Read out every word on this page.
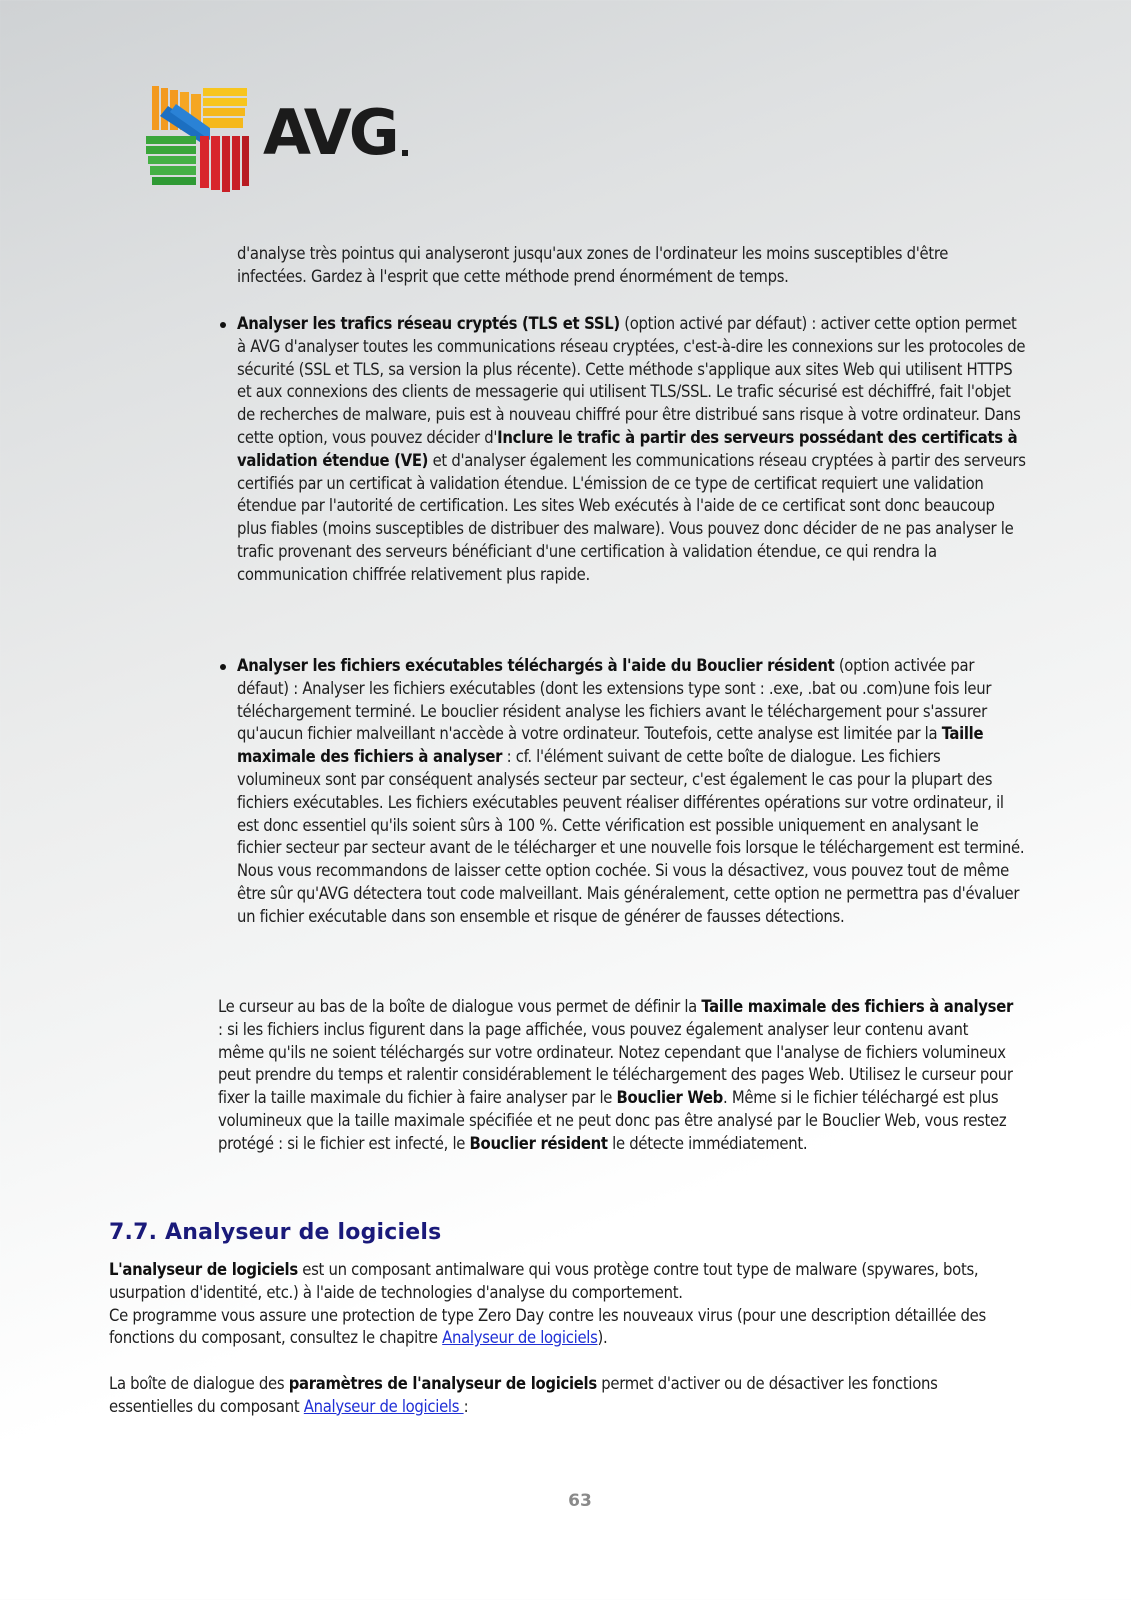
AVG

d'analyse très pointus qui analyseront jusqu'aux zones de l'ordinateur les moins susceptibles d'être infectées. Gardez à l'esprit que cette méthode prend énormément de temps.

Analyser les trafics réseau cryptés (TLS et SSL) (option activé par défaut) : activer cette option permet à AVG d'analyser toutes les communications réseau cryptées, c'est-à-dire les connexions sur les protocoles de sécurité (SSL et TLS, sa version la plus récente). Cette méthode s'applique aux sites Web qui utilisent HTTPS et aux connexions des clients de messagerie qui utilisent TLS/SSL. Le trafic sécurisé est déchiffré, fait l'objet de recherches de malware, puis est à nouveau chiffré pour être distribué sans risque à votre ordinateur. Dans cette option, vous pouvez décider d'Inclure le trafic à partir des serveurs possédant des certificats à validation étendue (VE) et d'analyser également les communications réseau cryptées à partir des serveurs certifiés par un certificat à validation étendue. L'émission de ce type de certificat requiert une validation étendue par l'autorité de certification. Les sites Web exécutés à l'aide de ce certificat sont donc beaucoup plus fiables (moins susceptibles de distribuer des malware). Vous pouvez donc décider de ne pas analyser le trafic provenant des serveurs bénéficiant d'une certification à validation étendue, ce qui rendra la communication chiffrée relativement plus rapide.
Analyser les fichiers exécutables téléchargés à l'aide du Bouclier résident (option activée par défaut) : Analyser les fichiers exécutables (dont les extensions type sont : .exe, .bat ou .com)une fois leur téléchargement terminé. Le bouclier résident analyse les fichiers avant le téléchargement pour s'assurer qu'aucun fichier malveillant n'accède à votre ordinateur. Toutefois, cette analyse est limitée par la Taille maximale des fichiers à analyser : cf. l'élément suivant de cette boîte de dialogue. Les fichiers volumineux sont par conséquent analysés secteur par secteur, c'est également le cas pour la plupart des fichiers exécutables. Les fichiers exécutables peuvent réaliser différentes opérations sur votre ordinateur, il est donc essentiel qu'ils soient sûrs à 100 %. Cette vérification est possible uniquement en analysant le fichier secteur par secteur avant de le télécharger et une nouvelle fois lorsque le téléchargement est terminé. Nous vous recommandons de laisser cette option cochée. Si vous la désactivez, vous pouvez tout de même être sûr qu'AVG détectera tout code malveillant. Mais généralement, cette option ne permettra pas d'évaluer un fichier exécutable dans son ensemble et risque de générer de fausses détections.

Le curseur au bas de la boîte de dialogue vous permet de définir la Taille maximale des fichiers à analyser : si les fichiers inclus figurent dans la page affichée, vous pouvez également analyser leur contenu avant même qu'ils ne soient téléchargés sur votre ordinateur. Notez cependant que l'analyse de fichiers volumineux peut prendre du temps et ralentir considérablement le téléchargement des pages Web. Utilisez le curseur pour fixer la taille maximale du fichier à faire analyser par le Bouclier Web. Même si le fichier téléchargé est plus volumineux que la taille maximale spécifiée et ne peut donc pas être analysé par le Bouclier Web, vous restez protégé : si le fichier est infecté, le Bouclier résident le détecte immédiatement.

7.7. Analyseur de logiciels

L'analyseur de logiciels est un composant antimalware qui vous protège contre tout type de malware (spywares, bots, usurpation d'identité, etc.) à l'aide de technologies d'analyse du comportement.
Ce programme vous assure une protection de type Zero Day contre les nouveaux virus (pour une description détaillée des fonctions du composant, consultez le chapitre Analyseur de logiciels).

La boîte de dialogue des paramètres de l'analyseur de logiciels permet d'activer ou de désactiver les fonctions essentielles du composant Analyseur de logiciels :

63
